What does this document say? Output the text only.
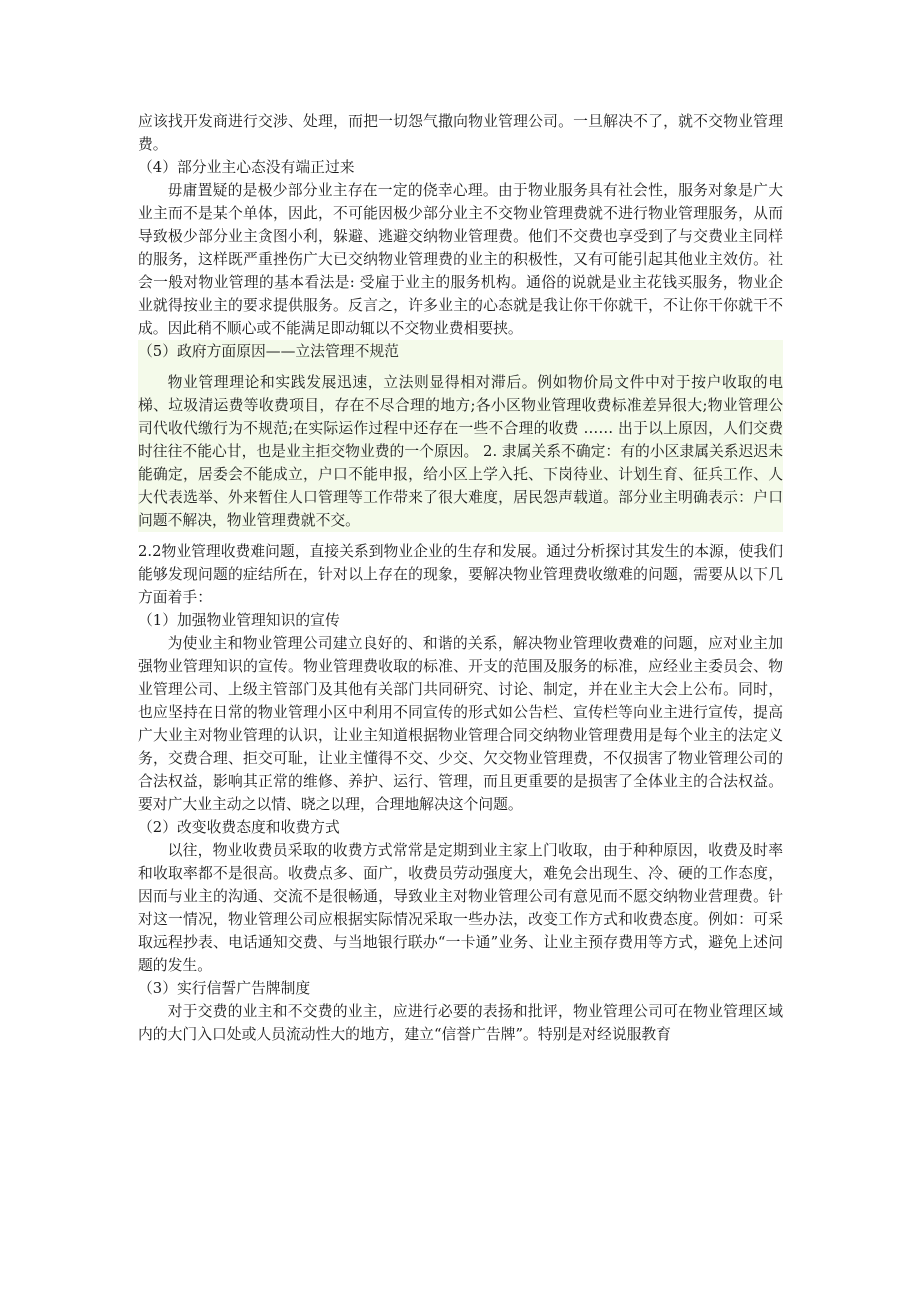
应该找开发商进行交涉、处理，而把一切怨气撒向物业管理公司。一旦解决不了，就不交物业管理费。

（4）部分业主心态没有端正过来

毋庸置疑的是极少部分业主存在一定的侥幸心理。由于物业服务具有社会性，服务对象是广大业主而不是某个单体，因此，不可能因极少部分业主不交物业管理费就不进行物业管理服务，从而导致极少部分业主贪图小利，躲避、逃避交纳物业管理费。他们不交费也享受到了与交费业主同样的服务，这样既严重挫伤广大已交纳物业管理费的业主的积极性，又有可能引起其他业主效仿。社会一般对物业管理的基本看法是: 受雇于业主的服务机构。通俗的说就是业主花钱买服务，物业企业就得按业主的要求提供服务。反言之，许多业主的心态就是我让你干你就干，不让你干你就干不成。因此稍不顺心或不能满足即动辄以不交物业费相要挟。

（5）政府方面原因——立法管理不规范

物业管理理论和实践发展迅速，立法则显得相对滞后。例如物价局文件中对于按户收取的电梯、垃圾清运费等收费项目，存在不尽合理的地方;各小区物业管理收费标准差异很大;物业管理公司代收代缴行为不规范;在实际运作过程中还存在一些不合理的收费 …… 出于以上原因，人们交费时往往不能心甘，也是业主拒交物业费的一个原因。 2. 隶属关系不确定：有的小区隶属关系迟迟未能确定，居委会不能成立，户口不能申报，给小区上学入托、下岗待业、计划生育、征兵工作、人大代表选举、外来暂住人口管理等工作带来了很大难度，居民怨声载道。部分业主明确表示：户口问题不解决，物业管理费就不交。

2.2物业管理收费难问题，直接关系到物业企业的生存和发展。通过分析探讨其发生的本源，使我们能够发现问题的症结所在，针对以上存在的现象，要解决物业管理费收缴难的问题，需要从以下几方面着手：

（1）加强物业管理知识的宣传

为使业主和物业管理公司建立良好的、和谐的关系，解决物业管理收费难的问题，应对业主加强物业管理知识的宣传。物业管理费收取的标准、开支的范围及服务的标准，应经业主委员会、物业管理公司、上级主管部门及其他有关部门共同研究、讨论、制定，并在业主大会上公布。同时，也应坚持在日常的物业管理小区中利用不同宣传的形式如公告栏、宣传栏等向业主进行宣传，提高广大业主对物业管理的认识，让业主知道根据物业管理合同交纳物业管理费用是每个业主的法定义务，交费合理、拒交可耻，让业主懂得不交、少交、欠交物业管理费，不仅损害了物业管理公司的合法权益，影响其正常的维修、养护、运行、管理，而且更重要的是损害了全体业主的合法权益。要对广大业主动之以情、晓之以理，合理地解决这个问题。

（2）改变收费态度和收费方式

以往，物业收费员采取的收费方式常常是定期到业主家上门收取，由于种种原因，收费及时率和收取率都不是很高。收费点多、面广，收费员劳动强度大，难免会出现生、冷、硬的工作态度，因而与业主的沟通、交流不是很畅通，导致业主对物业管理公司有意见而不愿交纳物业营理费。针对这一情况，物业管理公司应根据实际情况采取一些办法，改变工作方式和收费态度。例如：可采取远程抄表、电话通知交费、与当地银行联办“一卡通”业务、让业主预存费用等方式，避免上述问题的发生。

（3）实行信誓广告牌制度

对于交费的业主和不交费的业主，应进行必要的表扬和批评，物业管理公司可在物业管理区域内的大门入口处或人员流动性大的地方，建立“信誉广告牌”。特别是对经说服教育
